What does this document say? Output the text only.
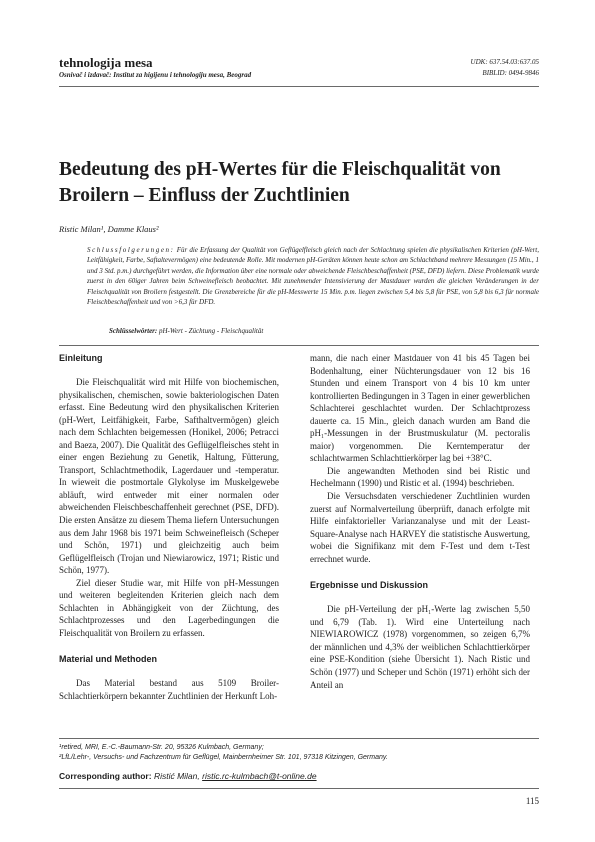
tehnologija mesa
Osnivač i izdavač: Institut za higijenu i tehnologiju mesa, Beograd
UDK: 637.54.03:637.05
BIBLID: 0494-9846
Bedeutung des pH-Wertes für die Fleischqualität von Broilern – Einfluss der Zuchtlinien
Ristic Milan¹, Damme Klaus²
Schlussfolgerungen: Für die Erfassung der Qualität von Geflügelfleisch gleich nach der Schlachtung spielen die physikalischen Kriterien (pH-Wert, Leitfähigkeit, Farbe, Saftaltevermögen) eine bedeutende Rolle. Mit modernen pH-Geräten können heute schon am Schlachtband mehrere Messungen (15 Min., 1 und 3 Std. p.m.) durchgeführt werden, die Information über eine normale oder abweichende Fleischbeschaffenheit (PSE, DFD) liefern. Diese Problematik wurde zuerst in den 60iger Jahren beim Schweinefleisch beobachtet. Mit zunehmender Intensivierung der Mastdauer wurden die gleichen Veränderungen in der Fleischqualität von Broilern festgestellt. Die Grenzbereiche für die pH-Messwerte 15 Min. p.m. liegen zwischen 5,4 bis 5,8 für PSE, von 5,8 bis 6,3 für normale Fleischbeschaffenheit und von >6,3 für DFD.
Schlüsselwörter: pH-Wert - Züchtung - Fleischqualität
Einleitung

Die Fleischqualität wird mit Hilfe von biochemischen, physikalischen, chemischen, sowie bakteriologischen Daten erfasst. Eine Bedeutung wird den physikalischen Kriterien (pH-Wert, Leitfähigkeit, Farbe, Safthaltvermögen) gleich nach dem Schlachten beigemessen (Honikel, 2006; Petracci and Baeza, 2007). Die Qualität des Geflügelfleisches steht in einer engen Beziehung zu Genetik, Haltung, Fütterung, Transport, Schlachtmethodik, Lagerdauer und -temperatur. In wieweit die postmortale Glykolyse im Muskelgewebe abläuft, wird entweder mit einer normalen oder abweichenden Fleischbeschaffenheit gerechnet (PSE, DFD). Die ersten Ansätze zu diesem Thema liefern Untersuchungen aus dem Jahr 1968 bis 1971 beim Schweinefleisch (Scheper und Schön, 1971) und gleichzeitig auch beim Geflügelfleisch (Trojan und Niewiarowicz, 1971; Ristic und Schön, 1977).

Ziel dieser Studie war, mit Hilfe von pH-Messungen und weiteren begleitenden Kriterien gleich nach dem Schlachten in Abhängigkeit von der Züchtung, des Schlachtprozesses und den Lagerbedingungen die Fleischqualität von Broilern zu erfassen.

Material und Methoden

Das Material bestand aus 5109 Broiler-Schlachtierkörpern bekannter Zuchtlinien der Herkunft Loh-

mann, die nach einer Mastdauer von 41 bis 45 Tagen bei Bodenhaltung, einer Nüchterungsdauer von 12 bis 16 Stunden und einem Transport von 4 bis 10 km unter kontrollierten Bedingungen in 3 Tagen in einer gewerblichen Schlachterei geschlachtet wurden. Der Schlachtprozess dauerte ca. 15 Min., gleich danach wurden am Band die pH₁-Messungen in der Brustmuskulatur (M. pectoralis maior) vorgenommen. Die Kerntemperatur der schlachtwarmen Schlachttierkörper lag bei +38°C.

Die angewandten Methoden sind bei Ristic und Hechelmann (1990) und Ristic et al. (1994) beschrieben.

Die Versuchsdaten verschiedener Zuchtlinien wurden zuerst auf Normalverteilung überprüft, danach erfolgte mit Hilfe einfaktorieller Varianzanalyse und mit der Least-Square-Analyse nach HARVEY die statistische Auswertung, wobei die Signifikanz mit dem F-Test und dem t-Test errechnet wurde.

Ergebnisse und Diskussion

Die pH-Verteilung der pH₁-Werte lag zwischen 5,50 und 6,79 (Tab. 1). Wird eine Unterteilung nach NIEWIAROWICZ (1978) vorgenommen, so zeigen 6,7% der männlichen und 4,3% der weiblichen Schlachttierkörper eine PSE-Kondition (siehe Übersicht 1). Nach Ristic und Schön (1977) und Scheper und Schön (1971) erhöht sich der Anteil an

¹retired, MRI, E.-C.-Baumann-Str. 20, 95326 Kulmbach, Germany;
²LfL/Lehr-, Versuchs- und Fachzentrum für Geflügel, Mainbernheimer Str. 101, 97318 Kitzingen, Germany.
Corresponding author: Ristić Milan, ristic.rc-kulmbach@t-online.de
115
